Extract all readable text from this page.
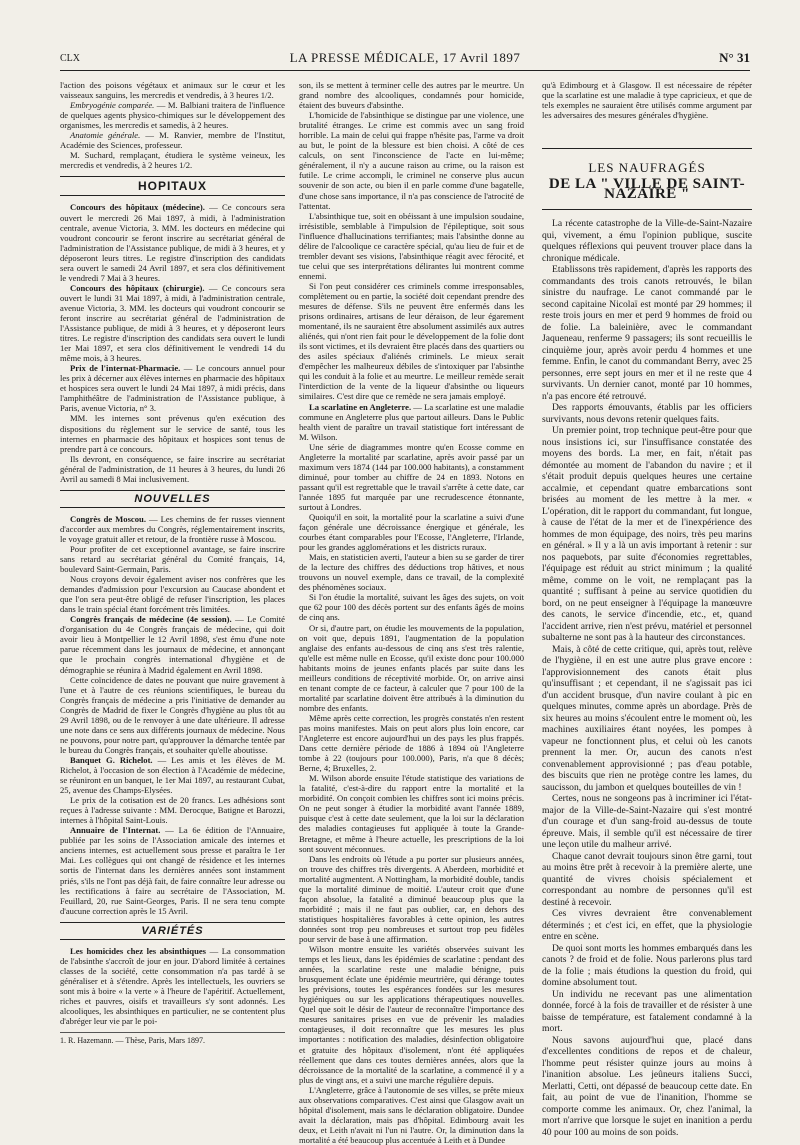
CLX	LA PRESSE MÉDICALE, 17 Avril 1897	N° 31

l'action des poisons végétaux et animaux sur le cœur et les vaisseaux sanguins, les mercredis et vendredis, à 3 heures 1/2.

Embryogénie comparée. — M. Balbiani traitera de l'influence de quelques agents physico-chimiques sur le développement des organismes, les mercredis et samedis, à 2 heures.

Anatomie générale. — M. Ranvier, membre de l'Institut, Académie des Sciences, professeur.

M. Suchard, remplaçant, étudiera le système veineux, les mercredis et vendredis, à 2 heures 1/2.

HOPITAUX

Concours des hôpitaux (médecine). — Ce concours sera ouvert le mercredi 26 Mai 1897, à midi, à l'administration centrale, avenue Victoria, 3. MM. les docteurs en médecine qui voudront concourir se feront inscrire au secrétariat général de l'administration de l'Assistance publique, de midi à 3 heures, et y déposeront leurs titres. Le registre d'inscription des candidats sera ouvert le samedi 24 Avril 1897, et sera clos définitivement le vendredi 7 Mai à 3 heures.

Concours des hôpitaux (chirurgie). — Ce concours sera ouvert le lundi 31 Mai 1897, à midi, à l'administration centrale, avenue Victoria, 3. MM. les docteurs qui voudront concourir se feront inscrire au secrétariat général de l'administration de l'Assistance publique, de midi à 3 heures, et y déposeront leurs titres. Le registre d'inscription des candidats sera ouvert le lundi 1er Mai 1897, et sera clos définitivement le vendredi 14 du même mois, à 3 heures.

Prix de l'internat-Pharmacie. — Le concours annuel pour les prix à décerner aux élèves internes en pharmacie des hôpitaux et hospices sera ouvert le lundi 24 Mai 1897, à midi précis, dans l'amphithéâtre de l'administration de l'Assistance publique, à Paris, avenue Victoria, n° 3.

MM. les internes sont prévenus qu'en exécution des dispositions du règlement sur le service de santé, tous les internes en pharmacie des hôpitaux et hospices sont tenus de prendre part à ce concours.

Ils devront, en conséquence, se faire inscrire au secrétariat général de l'administration, de 11 heures à 3 heures, du lundi 26 Avril au samedi 8 Mai inclusivement.

NOUVELLES

Congrès de Moscou. — Les chemins de fer russes viennent d'accorder aux membres du Congrès, réglementairement inscrits, le voyage gratuit aller et retour, de la frontière russe à Moscou.

Pour profiter de cet exceptionnel avantage, se faire inscrire sans retard au secrétariat général du Comité français, 14, boulevard Saint-Germain, Paris.

Nous croyons devoir également aviser nos confrères que les demandes d'admission pour l'excursion au Caucase abondent et que l'on sera peut-être obligé de refuser l'inscription, les places dans le train spécial étant forcément très limitées.

Congrès français de médecine (4e session). — Le Comité d'organisation du 4e Congrès français de médecine, qui doit avoir lieu à Montpellier le 12 Avril 1898, s'est ému d'une note parue récemment dans les journaux de médecine, et annonçant que le prochain congrès international d'hygiène et de démographie se réunira à Madrid également en Avril 1898.

Cette coïncidence de dates ne pouvant que nuire gravement à l'une et à l'autre de ces réunions scientifiques, le bureau du Congrès français de médecine a pris l'initiative de demander au Congrès de Madrid de fixer le Congrès d'hygiène au plus tôt au 29 Avril 1898, ou de le renvoyer à une date ultérieure. Il adresse une note dans ce sens aux différents journaux de médecine. Nous ne pouvons, pour notre part, qu'approuver la démarche tentée par le bureau du Congrès français, et souhaiter qu'elle aboutisse.

Banquet G. Richelot. — Les amis et les élèves de M. Richelot, à l'occasion de son élection à l'Académie de médecine, se réuniront en un banquet, le 1er Mai 1897, au restaurant Cubat, 25, avenue des Champs-Elysées.

Le prix de la cotisation est de 20 francs. Les adhésions sont reçues à l'adresse suivante : MM. Derocque, Batigne et Barozzi, internes à l'hôpital Saint-Louis.

Annuaire de l'Internat. — La 6e édition de l'Annuaire, publiée par les soins de l'Association amicale des internes et anciens internes, est actuellement sous presse et paraîtra le 1er Mai. Les collègues qui ont changé de résidence et les internes sortis de l'internat dans les dernières années sont instamment priés, s'ils ne l'ont pas déjà fait, de faire connaître leur adresse ou les rectifications à faire au secrétaire de l'Association, M. Feuillard, 20, rue Saint-Georges, Paris. Il ne sera tenu compte d'aucune correction après le 15 Avril.

VARIÉTÉS

Les homicides chez les absinthiques — La consommation de l'absinthe s'accroît de jour en jour. D'abord limitée à certaines classes de la société, cette consommation n'a pas tardé à se généraliser et à s'étendre. Après les intellectuels, les ouvriers se sont mis à boire « la verte » à l'heure de l'apéritif. Actuellement, riches et pauvres, oisifs et travailleurs s'y sont adonnés. Les alcooliques, les absinthiques en particulier, ne se contentent plus d'abréger leur vie par le poi-

1. R. Hazemann. — Thèse, Paris, Mars 1897.

son, ils se mettent à terminer celle des autres par le meurtre. Un grand nombre des alcooliques, condamnés pour homicide, étaient des buveurs d'absinthe.

L'homicide de l'absinthique se distingue par une violence, une brutalité étranges. Le crime est commis avec un sang froid horrible. La main de celui qui frappe n'hésite pas, l'arme va droit au but, le point de la blessure est bien choisi. A côté de ces calculs, on sent l'inconscience de l'acte en lui-même; généralement, il n'y a aucune raison au crime, ou la raison est futile. Le crime accompli, le criminel ne conserve plus aucun souvenir de son acte, ou bien il en parle comme d'une bagatelle, d'une chose sans importance, il n'a pas conscience de l'atrocité de l'attentat.

L'absinthique tue, soit en obéissant à une impulsion soudaine, irrésistible, semblable à l'impulsion de l'épileptique, soit sous l'influence d'hallucinations terrifiantes; mais l'absinthe donne au délire de l'alcoolique ce caractère spécial, qu'au lieu de fuir et de trembler devant ses visions, l'absinthique réagit avec férocité, et tue celui que ses interprétations délirantes lui montrent comme ennemi.

Si l'on peut considérer ces criminels comme irresponsables, complètement ou en partie, la société doit cependant prendre des mesures de défense. S'ils ne peuvent être enfermés dans les prisons ordinaires, artisans de leur déraison, de leur égarement momentané, ils ne sauraient être absolument assimilés aux autres aliénés, qui n'ont rien fait pour le développement de la folie dont ils sont victimes, et ils devraient être placés dans des quartiers ou des asiles spéciaux d'aliénés criminels. Le mieux serait d'empêcher les malheureux débiles de s'intoxiquer par l'absinthe qui les conduit à la folie et au meurtre. Le meilleur remède serait l'interdiction de la vente de la liqueur d'absinthe ou liqueurs similaires. C'est dire que ce remède ne sera jamais employé.

La scarlatine en Angleterre. — La scarlatine est une maladie commune en Angleterre plus que partout ailleurs. Dans le Public health vient de paraître un travail statistique fort intéressant de M. Wilson.

Une série de diagrammes montre qu'en Ecosse comme en Angleterre la mortalité par scarlatine, après avoir passé par un maximum vers 1874 (144 par 100.000 habitants), a constamment diminué, pour tomber au chiffre de 24 en 1893. Notons en passant qu'il est regrettable que le travail s'arrête à cette date, car l'année 1895 fut marquée par une recrudescence étonnante, surtout à Londres.

Quoiqu'il en soit, la mortalité pour la scarlatine a suivi d'une façon générale une décroissance énergique et générale, les courbes étant comparables pour l'Ecosse, l'Angleterre, l'Irlande, pour les grandes agglomérations et les districts ruraux.

Mais, en statisticien averti, l'auteur a bien su se garder de tirer de la lecture des chiffres des déductions trop hâtives, et nous trouvons un nouvel exemple, dans ce travail, de la complexité des phénomènes sociaux.

Si l'on étudie la mortalité, suivant les âges des sujets, on voit que 62 pour 100 des décès portent sur des enfants âgés de moins de cinq ans.

Or si, d'autre part, on étudie les mouvements de la population, on voit que, depuis 1891, l'augmentation de la population anglaise des enfants au-dessous de cinq ans s'est très ralentie, qu'elle est même nulle en Ecosse, qu'il existe donc pour 100.000 habitants moins de jeunes enfants placés par suite dans les meilleurs conditions de réceptivité morbide. Or, on arrive ainsi en tenant compte de ce facteur, à calculer que 7 pour 100 de la mortalité par scarlatine doivent être attribués à la diminution du nombre des enfants.

Même après cette correction, les progrès constatés n'en restent pas moins manifestes. Mais on peut alors plus loin encore, car l'Angleterre est encore aujourd'hui un des pays les plus frappés. Dans cette dernière période de 1886 à 1894 où l'Angleterre tombe à 22 (toujours pour 100.000), Paris, n'a que 8 décès; Berne, 4; Bruxelles, 2.

M. Wilson aborde ensuite l'étude statistique des variations de la fatalité, c'est-à-dire du rapport entre la mortalité et la morbidité. On conçoit combien les chiffres sont ici moins précis. On ne peut songer à étudier la morbidité avant l'année 1889, puisque c'est à cette date seulement, que la loi sur la déclaration des maladies contagieuses fut appliquée à toute la Grande-Bretagne, et même à l'heure actuelle, les prescriptions de la loi sont souvent méconnues.

Dans les endroits où l'étude a pu porter sur plusieurs années, on trouve des chiffres très divergents. A Aberdeen, morbidité et mortalité augmentent. A Nottingham, la morbidité double, tandis que la mortalité diminue de moitié. L'auteur croit que d'une façon absolue, la fatalité a diminué beaucoup plus que la morbidité ; mais il ne faut pas oublier, car, en dehors des statistiques hospitalières favorables à cette opinion, les autres données sont trop peu nombreuses et surtout trop peu fidèles pour servir de base à une affirmation.

Wilson montre ensuite les variétés observées suivant les temps et les lieux, dans les épidémies de scarlatine : pendant des années, la scarlatine reste une maladie bénigne, puis brusquement éclate une épidémie meurtrière, qui dérange toutes les prévisions, toutes les espérances fondées sur les mesures hygiéniques ou sur les applications thérapeutiques nouvelles. Quel que soit le désir de l'auteur de reconnaître l'importance des mesures sanitaires prises en vue de prévenir les maladies contagieuses, il doit reconnaître que les mesures les plus importantes : notification des maladies, désinfection obligatoire et gratuite des hôpitaux d'isolement, n'ont été appliquées réellement que dans ces toutes dernières années, alors que la décroissance de la mortalité de la scarlatine, a commencé il y a plus de vingt ans, et a suivi une marche régulière depuis.

L'Angleterre, grâce à l'autonomie de ses villes, se prête mieux aux observations comparatives. C'est ainsi que Glasgow avait un hôpital d'isolement, mais sans le déclaration obligatoire. Dundee avait la déclaration, mais pas d'hôpital. Edimbourg avait les deux, et Leith n'avait ni l'un ni l'autre. Or, la diminution dans la mortalité a été beaucoup plus accentuée à Leith et à Dundee

qu'à Edimbourg et à Glasgow. Il est nécessaire de répéter que la scarlatine est une maladie à type capricieux, et que de tels exemples ne sauraient être utilisés comme argument par les adversaires des mesures générales d'hygiène.

LES NAUFRAGÉS
DE LA " VILLE DE SAINT-NAZAIRE "

La récente catastrophe de la Ville-de-Saint-Nazaire qui, vivement, a ému l'opinion publique, suscite quelques réflexions qui peuvent trouver place dans la chronique médicale.

Etablissons très rapidement, d'après les rapports des commandants des trois canots retrouvés, le bilan sinistre du naufrage. Le canot commandé par le second capitaine Nicolaï est monté par 29 hommes; il reste trois jours en mer et perd 9 hommes de froid ou de folie. La baleinière, avec le commandant Jaqueneau, renferme 9 passagers; ils sont recueillis le cinquième jour, après avoir perdu 4 hommes et une femme. Enfin, le canot du commandant Berry, avec 25 personnes, erre sept jours en mer et il ne reste que 4 survivants. Un dernier canot, monté par 10 hommes, n'a pas encore été retrouvé.

Des rapports émouvants, établis par les officiers survivants, nous devons retenir quelques faits.

Un premier point, trop technique peut-être pour que nous insistions ici, sur l'insuffisance constatée des moyens des bords. La mer, en fait, n'était pas démontée au moment de l'abandon du navire ; et il s'était produit depuis quelques heures une certaine accalmie, et cependant quatre embarcations sont brisées au moment de les mettre à la mer. « L'opération, dit le rapport du commandant, fut longue, à cause de l'état de la mer et de l'inexpérience des hommes de mon équipage, des noirs, très peu marins en général. » Il y a là un avis important à retenir : sur nos paquebots, par suite d'économies regrettables, l'équipage est réduit au strict minimum ; la qualité même, comme on le voit, ne remplaçant pas la quantité ; suffisant à peine au service quotidien du bord, on ne peut enseigner à l'équipage la manœuvre des canots, le service d'incendie, etc., et, quand l'accident arrive, rien n'est prévu, matériel et personnel subalterne ne sont pas à la hauteur des circonstances.

Mais, à côté de cette critique, qui, après tout, relève de l'hygiène, il en est une autre plus grave encore : l'approvisionnement des canots était plus qu'insuffisant ; et cependant, il ne s'agissait pas ici d'un accident brusque, d'un navire coulant à pic en quelques minutes, comme après un abordage. Près de six heures au moins s'écoulent entre le moment où, les machines auxiliaires étant noyées, les pompes à vapeur ne fonctionnent plus, et celui où les canots prennent la mer. Or, aucun des canots n'est convenablement approvisionné ; pas d'eau potable, des biscuits que rien ne protège contre les lames, du saucisson, du jambon et quelques bouteilles de vin !

Certes, nous ne songeons pas à incriminer ici l'état-major de la Ville-de-Saint-Nazaire qui s'est montré d'un courage et d'un sang-froid au-dessus de toute épreuve. Mais, il semble qu'il est nécessaire de tirer une leçon utile du malheur arrivé.

Chaque canot devrait toujours sinon être garni, tout au moins être prêt à recevoir à la première alerte, une quantité de vivres choisis spécialement et correspondant au nombre de personnes qu'il est destiné à recevoir.

Ces vivres devraient être convenablement déterminés ; et c'est ici, en effet, que la physiologie entre en scène.

De quoi sont morts les hommes embarqués dans les canots ? de froid et de folie. Nous parlerons plus tard de la folie ; mais étudions la question du froid, qui domine absolument tout.

Un individu ne recevant pas une alimentation donnée, forcé à la fois de travailler et de résister à une baisse de température, est fatalement condamné à la mort.

Nous savons aujourd'hui que, placé dans d'excellentes conditions de repos et de chaleur, l'homme peut résister quinze jours au moins à l'inanition absolue. Les jeûneurs italiens Succi, Merlatti, Cetti, ont dépassé de beaucoup cette date. En fait, au point de vue de l'inanition, l'homme se comporte comme les animaux. Or, chez l'animal, la mort n'arrive que lorsque le sujet en inanition a perdu 40 pour 100 au moins de son poids.
